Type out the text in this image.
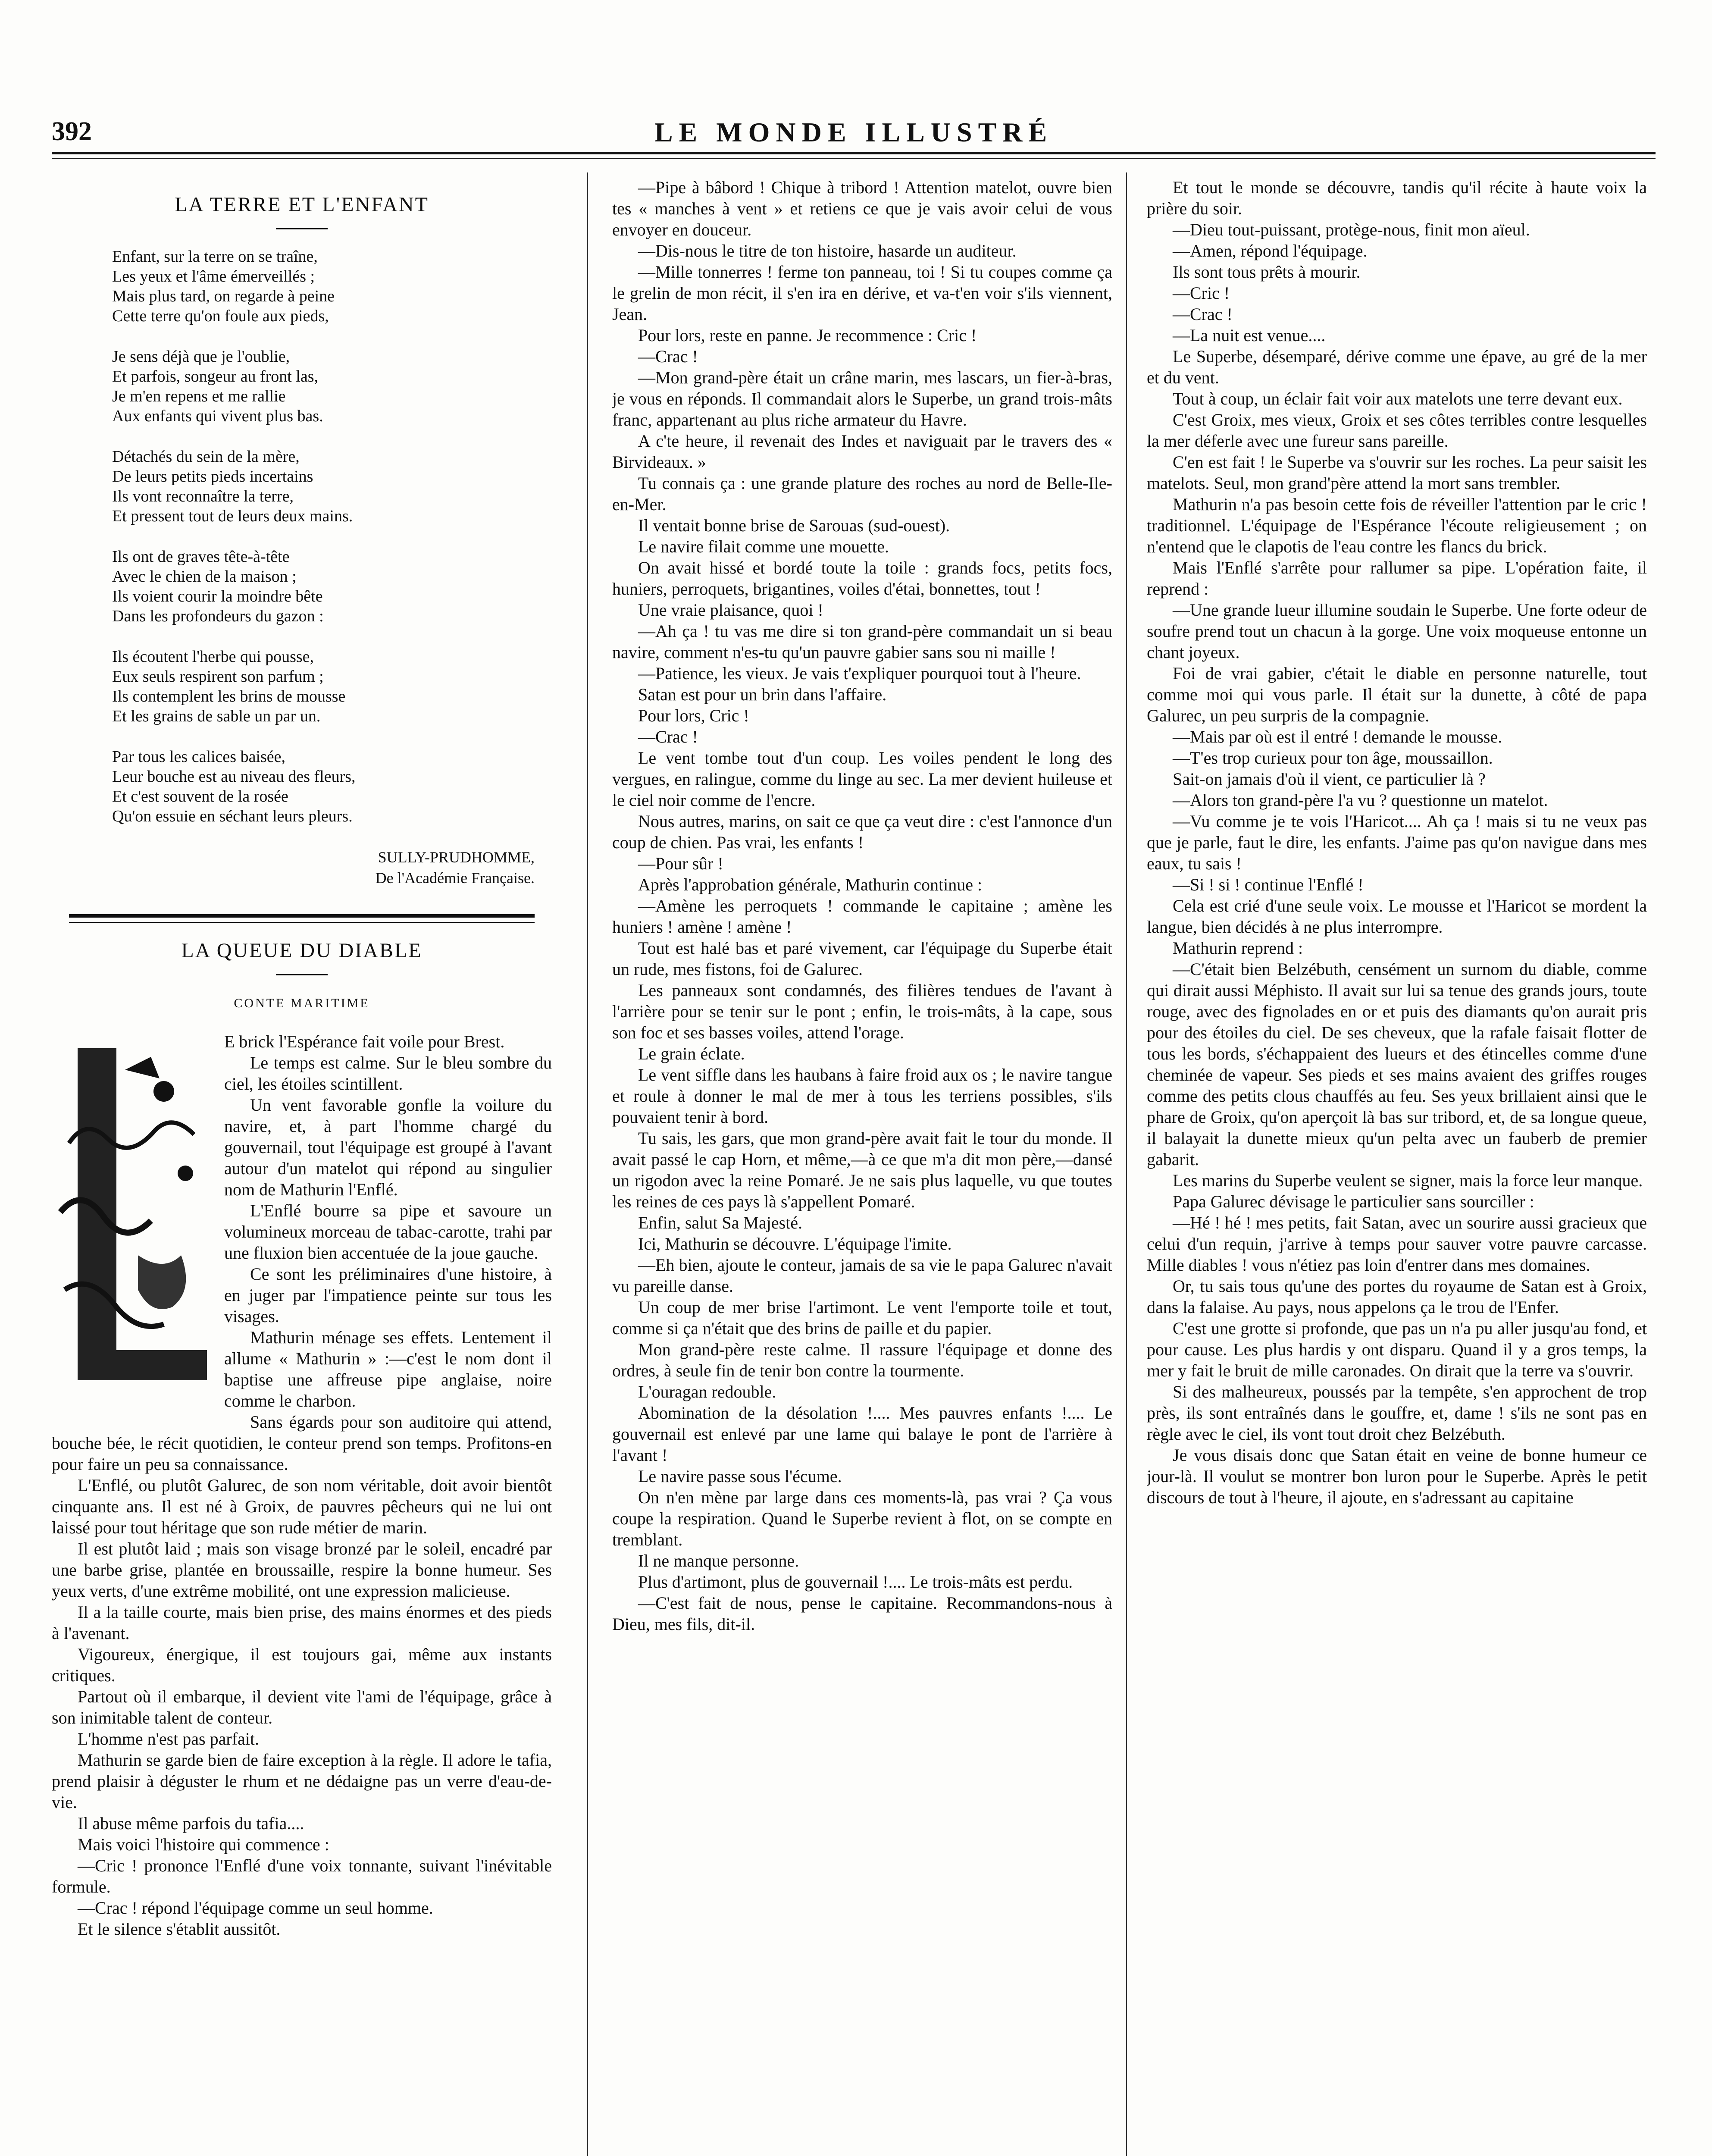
392	LE MONDE ILLUSTRÉ
LA TERRE ET L'ENFANT
Enfant, sur la terre on se traîne,
Les yeux et l'âme émerveillés ;
Mais plus tard, on regarde à peine
Cette terre qu'on foule aux pieds,
Je sens déjà que je l'oublie,
Et parfois, songeur au front las,
Je m'en repens et me rallie
Aux enfants qui vivent plus bas.
Détachés du sein de la mère,
De leurs petits pieds incertains
Ils vont reconnaître la terre,
Et pressent tout de leurs deux mains.
Ils ont de graves tête-à-tête
Avec le chien de la maison ;
Ils voient courir la moindre bête
Dans les profondeurs du gazon :
Ils écoutent l'herbe qui pousse,
Eux seuls respirent son parfum ;
Ils contemplent les brins de mousse
Et les grains de sable un par un.
Par tous les calices baisée,
Leur bouche est au niveau des fleurs,
Et c'est souvent de la rosée
Qu'on essuie en séchant leurs pleurs.
SULLY-PRUDHOMME,
De l'Académie Française.
LA QUEUE DU DIABLE
CONTE MARITIME

E brick l'Espérance fait voile pour Brest.

Le temps est calme. Sur le bleu sombre du ciel, les étoiles scintillent.

Un vent favorable gonfle la voilure du navire, et, à part l'homme chargé du gouvernail, tout l'équipage est groupé à l'avant autour d'un matelot qui répond au singulier nom de Mathurin l'Enflé.

L'Enflé bourre sa pipe et savoure un volumineux morceau de tabac-carotte, trahi par une fluxion bien accentuée de la joue gauche.

Ce sont les préliminaires d'une histoire, à en juger par l'impatience peinte sur tous les visages.

Mathurin ménage ses effets. Lentement il allume « Mathurin » :—c'est le nom dont il baptise une affreuse pipe anglaise, noire comme le charbon.

Sans égards pour son auditoire qui attend, bouche bée, le récit quotidien, le conteur prend son temps. Profitons-en pour faire un peu sa connaissance.

L'Enflé, ou plutôt Galurec, de son nom véritable, doit avoir bientôt cinquante ans. Il est né à Groix, de pauvres pêcheurs qui ne lui ont laissé pour tout héritage que son rude métier de marin.

Il est plutôt laid ; mais son visage bronzé par le soleil, encadré par une barbe grise, plantée en broussaille, respire la bonne humeur. Ses yeux verts, d'une extrême mobilité, ont une expression malicieuse.

Il a la taille courte, mais bien prise, des mains énormes et des pieds à l'avenant.

Vigoureux, énergique, il est toujours gai, même aux instants critiques.

Partout où il embarque, il devient vite l'ami de l'équipage, grâce à son inimitable talent de conteur.

L'homme n'est pas parfait.

Mathurin se garde bien de faire exception à la règle. Il adore le tafia, prend plaisir à déguster le rhum et ne dédaigne pas un verre d'eau-de-vie.

Il abuse même parfois du tafia....

Mais voici l'histoire qui commence :

—Cric ! prononce l'Enflé d'une voix tonnante, suivant l'inévitable formule.

—Crac ! répond l'équipage comme un seul homme.

Et le silence s'établit aussitôt.

—Pipe à bâbord ! Chique à tribord ! Attention matelot, ouvre bien tes « manches à vent » et retiens ce que je vais avoir celui de vous envoyer en douceur.

—Dis-nous le titre de ton histoire, hasarde un auditeur.

—Mille tonnerres ! ferme ton panneau, toi ! Si tu coupes comme ça le grelin de mon récit, il s'en ira en dérive, et va-t'en voir s'ils viennent, Jean.

Pour lors, reste en panne. Je recommence : Cric !

—Crac !

—Mon grand-père était un crâne marin, mes lascars, un fier-à-bras, je vous en réponds. Il commandait alors le Superbe, un grand trois-mâts franc, appartenant au plus riche armateur du Havre.

A c'te heure, il revenait des Indes et naviguait par le travers des « Birvideaux. »

Tu connais ça : une grande plature des roches au nord de Belle-Ile-en-Mer.

Il ventait bonne brise de Sarouas (sud-ouest).

Le navire filait comme une mouette.

On avait hissé et bordé toute la toile : grands focs, petits focs, huniers, perroquets, brigantines, voiles d'étai, bonnettes, tout !

Une vraie plaisance, quoi !

—Ah ça ! tu vas me dire si ton grand-père commandait un si beau navire, comment n'es-tu qu'un pauvre gabier sans sou ni maille !

—Patience, les vieux. Je vais t'expliquer pourquoi tout à l'heure.

Satan est pour un brin dans l'affaire.

Pour lors, Cric !

—Crac !

Le vent tombe tout d'un coup. Les voiles pendent le long des vergues, en ralingue, comme du linge au sec. La mer devient huileuse et le ciel noir comme de l'encre.

Nous autres, marins, on sait ce que ça veut dire : c'est l'annonce d'un coup de chien. Pas vrai, les enfants !

—Pour sûr !

Après l'approbation générale, Mathurin continue :

—Amène les perroquets ! commande le capitaine ; amène les huniers ! amène ! amène !

Tout est halé bas et paré vivement, car l'équipage du Superbe était un rude, mes fistons, foi de Galurec.

Les panneaux sont condamnés, des filières tendues de l'avant à l'arrière pour se tenir sur le pont ; enfin, le trois-mâts, à la cape, sous son foc et ses basses voiles, attend l'orage.

Le grain éclate.

Le vent siffle dans les haubans à faire froid aux os ; le navire tangue et roule à donner le mal de mer à tous les terriens possibles, s'ils pouvaient tenir à bord.

Tu sais, les gars, que mon grand-père avait fait le tour du monde. Il avait passé le cap Horn, et même,—à ce que m'a dit mon père,—dansé un rigodon avec la reine Pomaré. Je ne sais plus laquelle, vu que toutes les reines de ces pays là s'appellent Pomaré.

Enfin, salut Sa Majesté.

Ici, Mathurin se découvre. L'équipage l'imite.

—Eh bien, ajoute le conteur, jamais de sa vie le papa Galurec n'avait vu pareille danse.

Un coup de mer brise l'artimont. Le vent l'emporte toile et tout, comme si ça n'était que des brins de paille et du papier.

Mon grand-père reste calme. Il rassure l'équipage et donne des ordres, à seule fin de tenir bon contre la tourmente.

L'ouragan redouble.

Abomination de la désolation !.... Mes pauvres enfants !.... Le gouvernail est enlevé par une lame qui balaye le pont de l'arrière à l'avant !

Le navire passe sous l'écume.

On n'en mène par large dans ces moments-là, pas vrai ? Ça vous coupe la respiration. Quand le Superbe revient à flot, on se compte en tremblant.

Il ne manque personne.

Plus d'artimont, plus de gouvernail !.... Le trois-mâts est perdu.

—C'est fait de nous, pense le capitaine. Recommandons-nous à Dieu, mes fils, dit-il.

Et tout le monde se découvre, tandis qu'il récite à haute voix la prière du soir.

—Dieu tout-puissant, protège-nous, finit mon aïeul.

—Amen, répond l'équipage.

Ils sont tous prêts à mourir.

—Cric !

—Crac !

—La nuit est venue....

Le Superbe, désemparé, dérive comme une épave, au gré de la mer et du vent.

Tout à coup, un éclair fait voir aux matelots une terre devant eux.

C'est Groix, mes vieux, Groix et ses côtes terribles contre lesquelles la mer déferle avec une fureur sans pareille.

C'en est fait ! le Superbe va s'ouvrir sur les roches. La peur saisit les matelots. Seul, mon grand'père attend la mort sans trembler.

Mathurin n'a pas besoin cette fois de réveiller l'attention par le cric ! traditionnel. L'équipage de l'Espérance l'écoute religieusement ; on n'entend que le clapotis de l'eau contre les flancs du brick.

Mais l'Enflé s'arrête pour rallumer sa pipe. L'opération faite, il reprend :

—Une grande lueur illumine soudain le Superbe. Une forte odeur de soufre prend tout un chacun à la gorge. Une voix moqueuse entonne un chant joyeux.

Foi de vrai gabier, c'était le diable en personne naturelle, tout comme moi qui vous parle. Il était sur la dunette, à côté de papa Galurec, un peu surpris de la compagnie.

—Mais par où est il entré ! demande le mousse.

—T'es trop curieux pour ton âge, moussaillon.

Sait-on jamais d'où il vient, ce particulier là ?

—Alors ton grand-père l'a vu ? questionne un matelot.

—Vu comme je te vois l'Haricot.... Ah ça ! mais si tu ne veux pas que je parle, faut le dire, les enfants. J'aime pas qu'on navigue dans mes eaux, tu sais !

—Si ! si ! continue l'Enflé !

Cela est crié d'une seule voix. Le mousse et l'Haricot se mordent la langue, bien décidés à ne plus interrompre.

Mathurin reprend :

—C'était bien Belzébuth, censément un surnom du diable, comme qui dirait aussi Méphisto. Il avait sur lui sa tenue des grands jours, toute rouge, avec des fignolades en or et puis des diamants qu'on aurait pris pour des étoiles du ciel. De ses cheveux, que la rafale faisait flotter de tous les bords, s'échappaient des lueurs et des étincelles comme d'une cheminée de vapeur. Ses pieds et ses mains avaient des griffes rouges comme des petits clous chauffés au feu. Ses yeux brillaient ainsi que le phare de Groix, qu'on aperçoit là bas sur tribord, et, de sa longue queue, il balayait la dunette mieux qu'un pelta avec un fauberb de premier gabarit.

Les marins du Superbe veulent se signer, mais la force leur manque.

Papa Galurec dévisage le particulier sans sourciller :

—Hé ! hé ! mes petits, fait Satan, avec un sourire aussi gracieux que celui d'un requin, j'arrive à temps pour sauver votre pauvre carcasse. Mille diables ! vous n'étiez pas loin d'entrer dans mes domaines.

Or, tu sais tous qu'une des portes du royaume de Satan est à Groix, dans la falaise. Au pays, nous appelons ça le trou de l'Enfer.

C'est une grotte si profonde, que pas un n'a pu aller jusqu'au fond, et pour cause. Les plus hardis y ont disparu. Quand il y a gros temps, la mer y fait le bruit de mille caronades. On dirait que la terre va s'ouvrir.

Si des malheureux, poussés par la tempête, s'en approchent de trop près, ils sont entraînés dans le gouffre, et, dame ! s'ils ne sont pas en règle avec le ciel, ils vont tout droit chez Belzébuth.

Je vous disais donc que Satan était en veine de bonne humeur ce jour-là. Il voulut se montrer bon luron pour le Superbe. Après le petit discours de tout à l'heure, il ajoute, en s'adressant au capitaine
